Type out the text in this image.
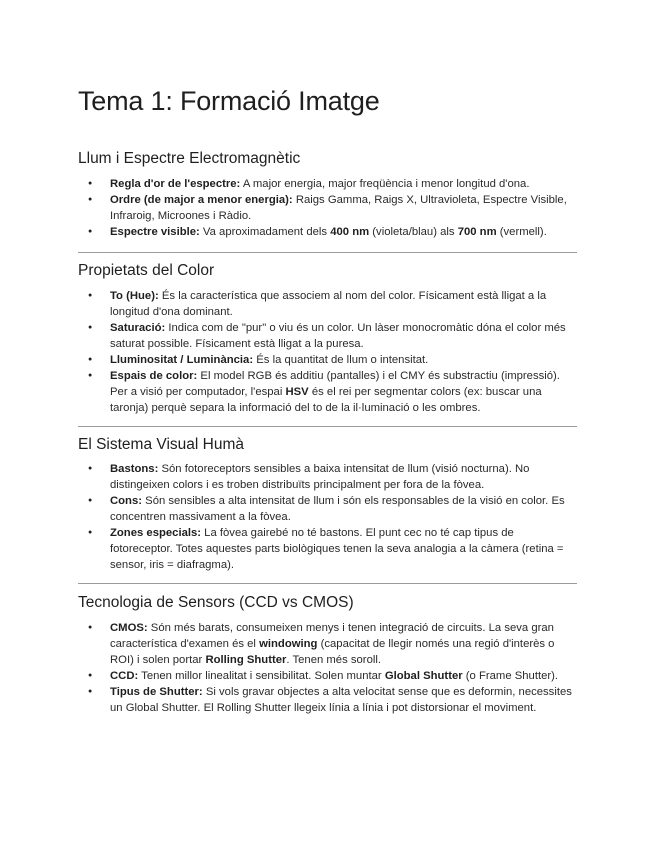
Tema 1: Formació Imatge
Llum i Espectre Electromagnètic
● Regla d'or de l'espectre: A major energia, major freqüència i menor longitud d'ona.
● Ordre (de major a menor energia): Raigs Gamma, Raigs X, Ultravioleta, Espectre Visible, Infraroig, Microones i Ràdio.
● Espectre visible: Va aproximadament dels 400 nm (violeta/blau) als 700 nm (vermell).
Propietats del Color
● To (Hue): És la característica que associem al nom del color. Físicament està lligat a la longitud d'ona dominant.
● Saturació: Indica com de "pur" o viu és un color. Un làser monocromàtic dóna el color més saturat possible. Físicament està lligat a la puresa.
● Lluminositat / Luminància: És la quantitat de llum o intensitat.
● Espais de color: El model RGB és additiu (pantalles) i el CMY és substractiu (impressió). Per a visió per computador, l'espai HSV és el rei per segmentar colors (ex: buscar una taronja) perquè separa la informació del to de la il·luminació o les ombres.
El Sistema Visual Humà
● Bastons: Són fotoreceptors sensibles a baixa intensitat de llum (visió nocturna). No distingeixen colors i es troben distribuïts principalment per fora de la fòvea.
● Cons: Són sensibles a alta intensitat de llum i són els responsables de la visió en color. Es concentren massivament a la fòvea.
● Zones especials: La fòvea gairebé no té bastons. El punt cec no té cap tipus de fotoreceptor. Totes aquestes parts biològiques tenen la seva analogia a la càmera (retina = sensor, iris = diafragma).
Tecnologia de Sensors (CCD vs CMOS)
● CMOS: Són més barats, consumeixen menys i tenen integració de circuits. La seva gran característica d'examen és el windowing (capacitat de llegir només una regió d'interès o ROI) i solen portar Rolling Shutter. Tenen més soroll.
● CCD: Tenen millor linealitat i sensibilitat. Solen muntar Global Shutter (o Frame Shutter).
● Tipus de Shutter: Si vols gravar objectes a alta velocitat sense que es deformin, necessites un Global Shutter. El Rolling Shutter llegeix línia a línia i pot distorsionar el moviment.
